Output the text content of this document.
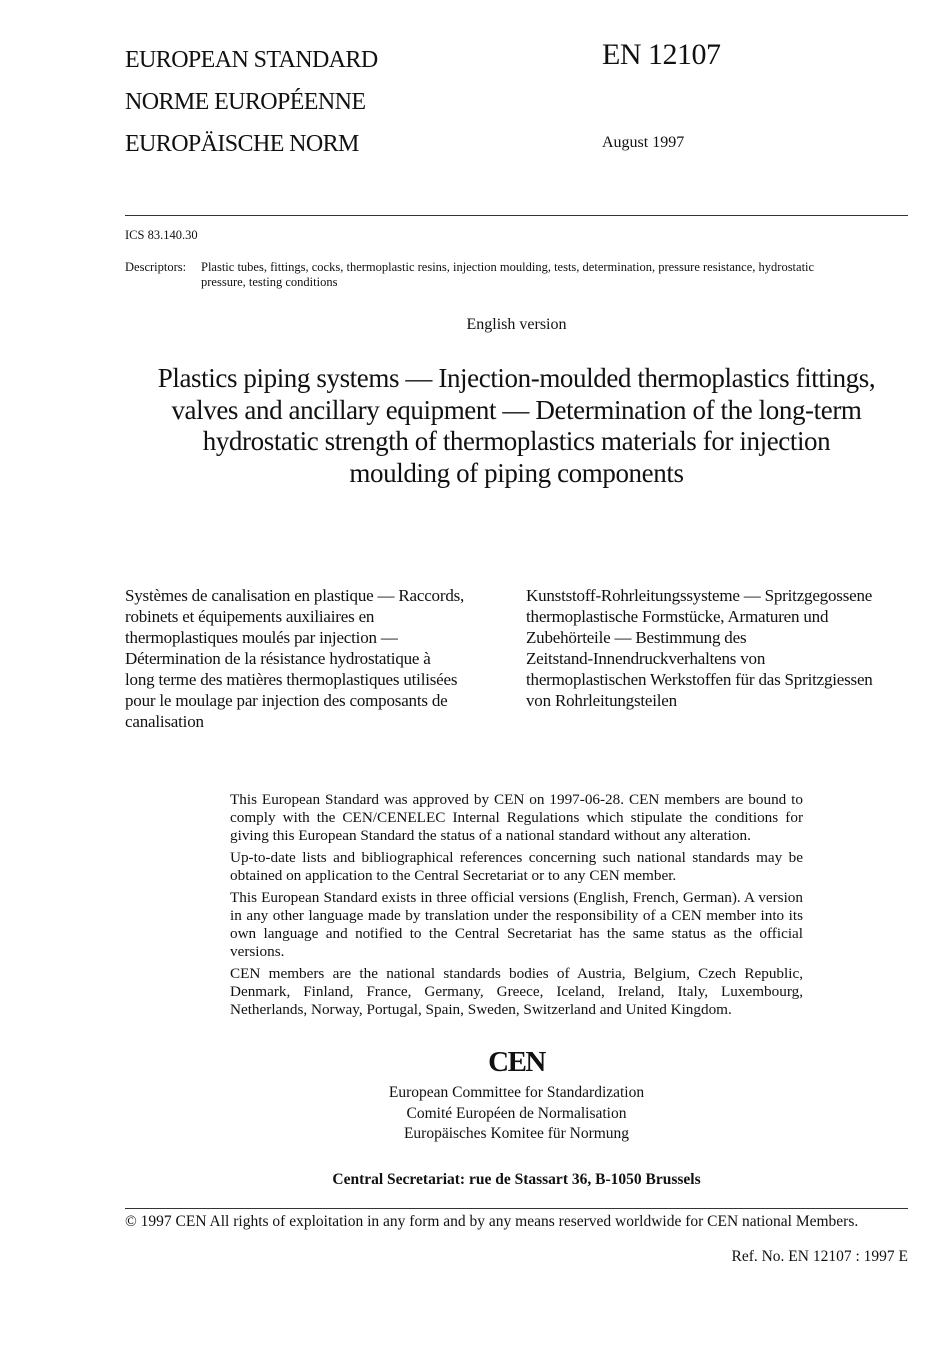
EUROPEAN STANDARD
NORME EUROPÉENNE
EUROPÄISCHE NORM
EN 12107
August 1997
ICS 83.140.30
Descriptors: Plastic tubes, fittings, cocks, thermoplastic resins, injection moulding, tests, determination, pressure resistance, hydrostatic pressure, testing conditions
English version
Plastics piping systems — Injection-moulded thermoplastics fittings,
valves and ancillary equipment — Determination of the long-term
hydrostatic strength of thermoplastics materials for injection
moulding of piping components
Systèmes de canalisation en plastique — Raccords,
robinets et équipements auxiliaires en
thermoplastiques moulés par injection —
Détermination de la résistance hydrostatique à
long terme des matières thermoplastiques utilisées
pour le moulage par injection des composants de
canalisation
Kunststoff-Rohrleitungssysteme — Spritzgegossene
thermoplastische Formstücke, Armaturen und
Zubehörteile — Bestimmung des
Zeitstand-Innendruckverhaltens von
thermoplastischen Werkstoffen für das Spritzgiessen
von Rohrleitungsteilen

This European Standard was approved by CEN on 1997-06-28. CEN members are bound to comply with the CEN/CENELEC Internal Regulations which stipulate the conditions for giving this European Standard the status of a national standard without any alteration.

Up-to-date lists and bibliographical references concerning such national standards may be obtained on application to the Central Secretariat or to any CEN member.

This European Standard exists in three official versions (English, French, German). A version in any other language made by translation under the responsibility of a CEN member into its own language and notified to the Central Secretariat has the same status as the official versions.

CEN members are the national standards bodies of Austria, Belgium, Czech Republic, Denmark, Finland, France, Germany, Greece, Iceland, Ireland, Italy, Luxembourg, Netherlands, Norway, Portugal, Spain, Sweden, Switzerland and United Kingdom.

CEN
European Committee for Standardization
Comité Européen de Normalisation
Europäisches Komitee für Normung
Central Secretariat: rue de Stassart 36, B-1050 Brussels
© 1997 CEN All rights of exploitation in any form and by any means reserved worldwide for CEN national Members.
Ref. No. EN 12107 : 1997 E
